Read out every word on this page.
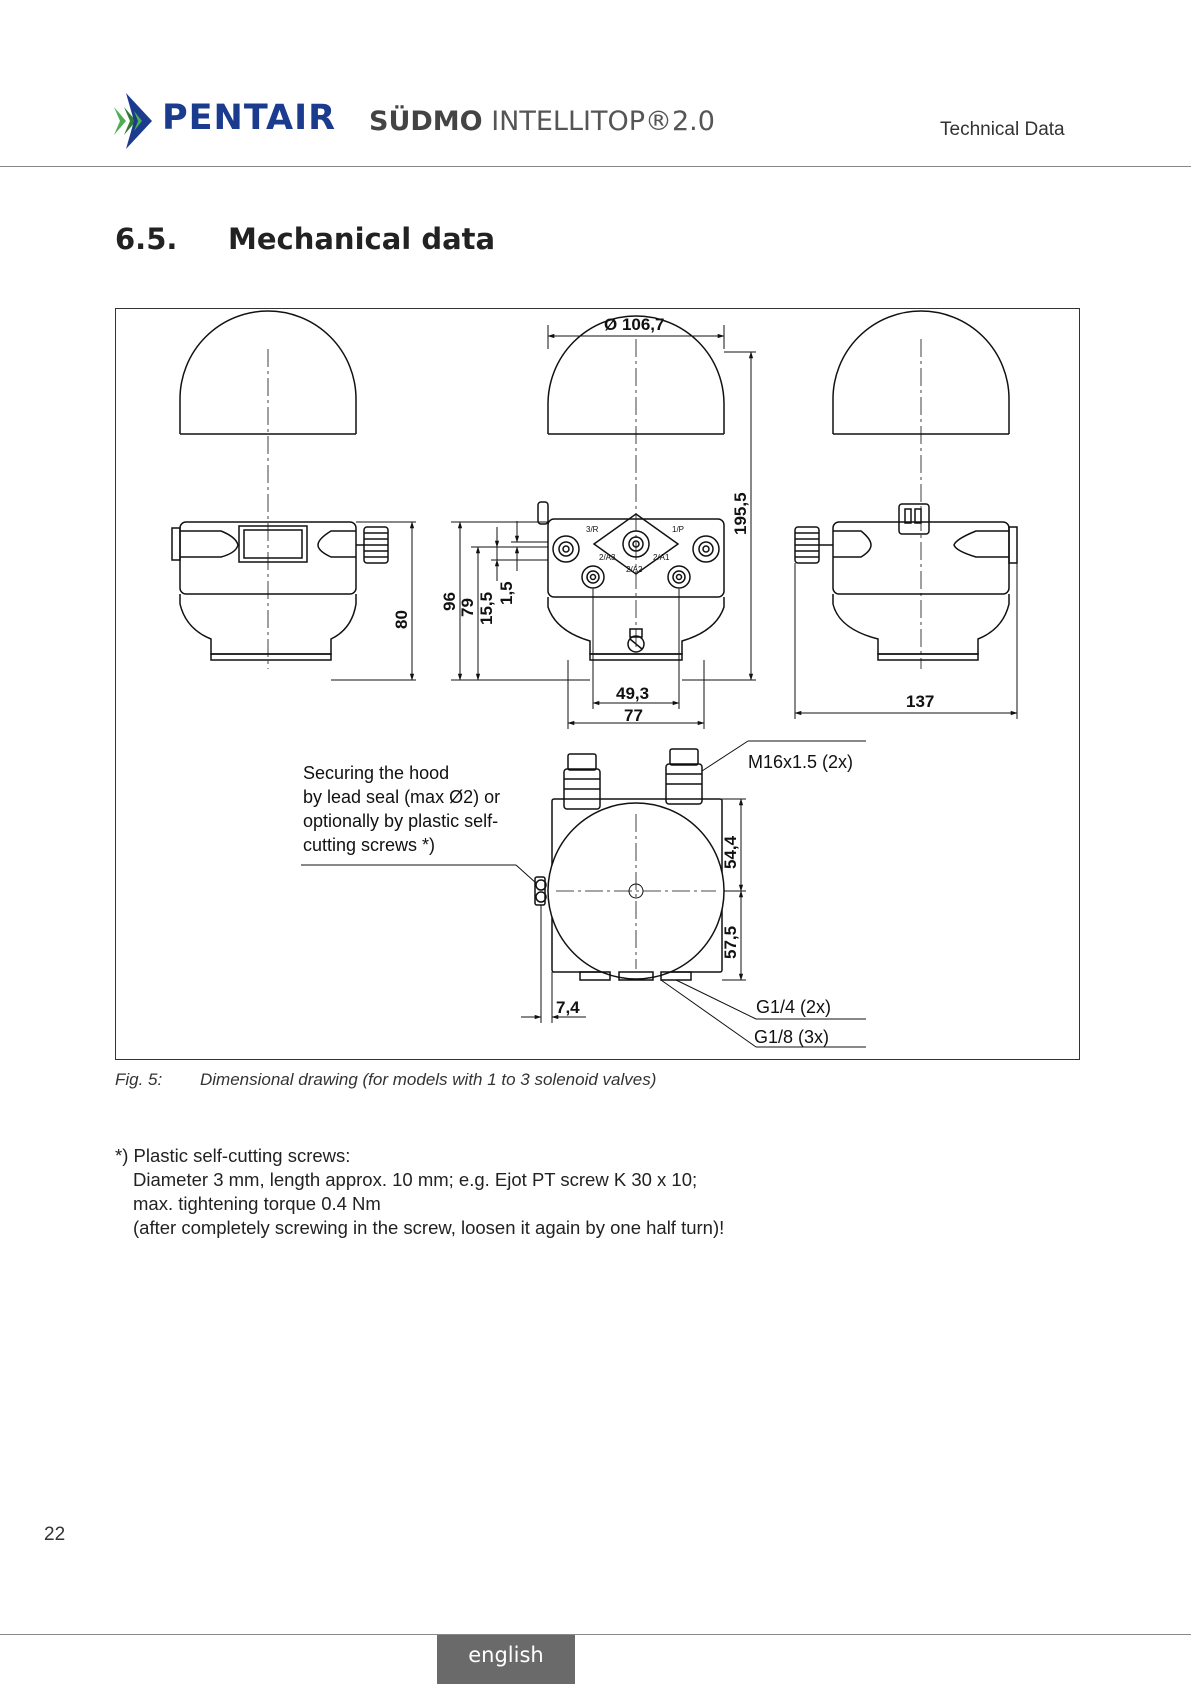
PENTAIR SÜDMO INTELLITOP®2.0	Technical Data
6.5. Mechanical data
3/R	1/P
2/A3	2/A1
2/A2
Ø 106,7
195,5
80
96 79 15,5 1,5
49,3
77
137
54,4
57,5
7,4
Securing the hood
by lead seal (max Ø2) or
optionally by plastic self-
cutting screws *)
M16x1.5 (2x)
G1/4 (2x)
G1/8 (3x)
Fig. 5: Dimensional drawing (for models with 1 to 3 solenoid valves)
*) Plastic self-cutting screws:
Diameter 3 mm, length approx. 10 mm; e.g. Ejot PT screw K 30 x 10;
max. tightening torque 0.4 Nm
(after completely screwing in the screw, loosen it again by one half turn)!
22
english
